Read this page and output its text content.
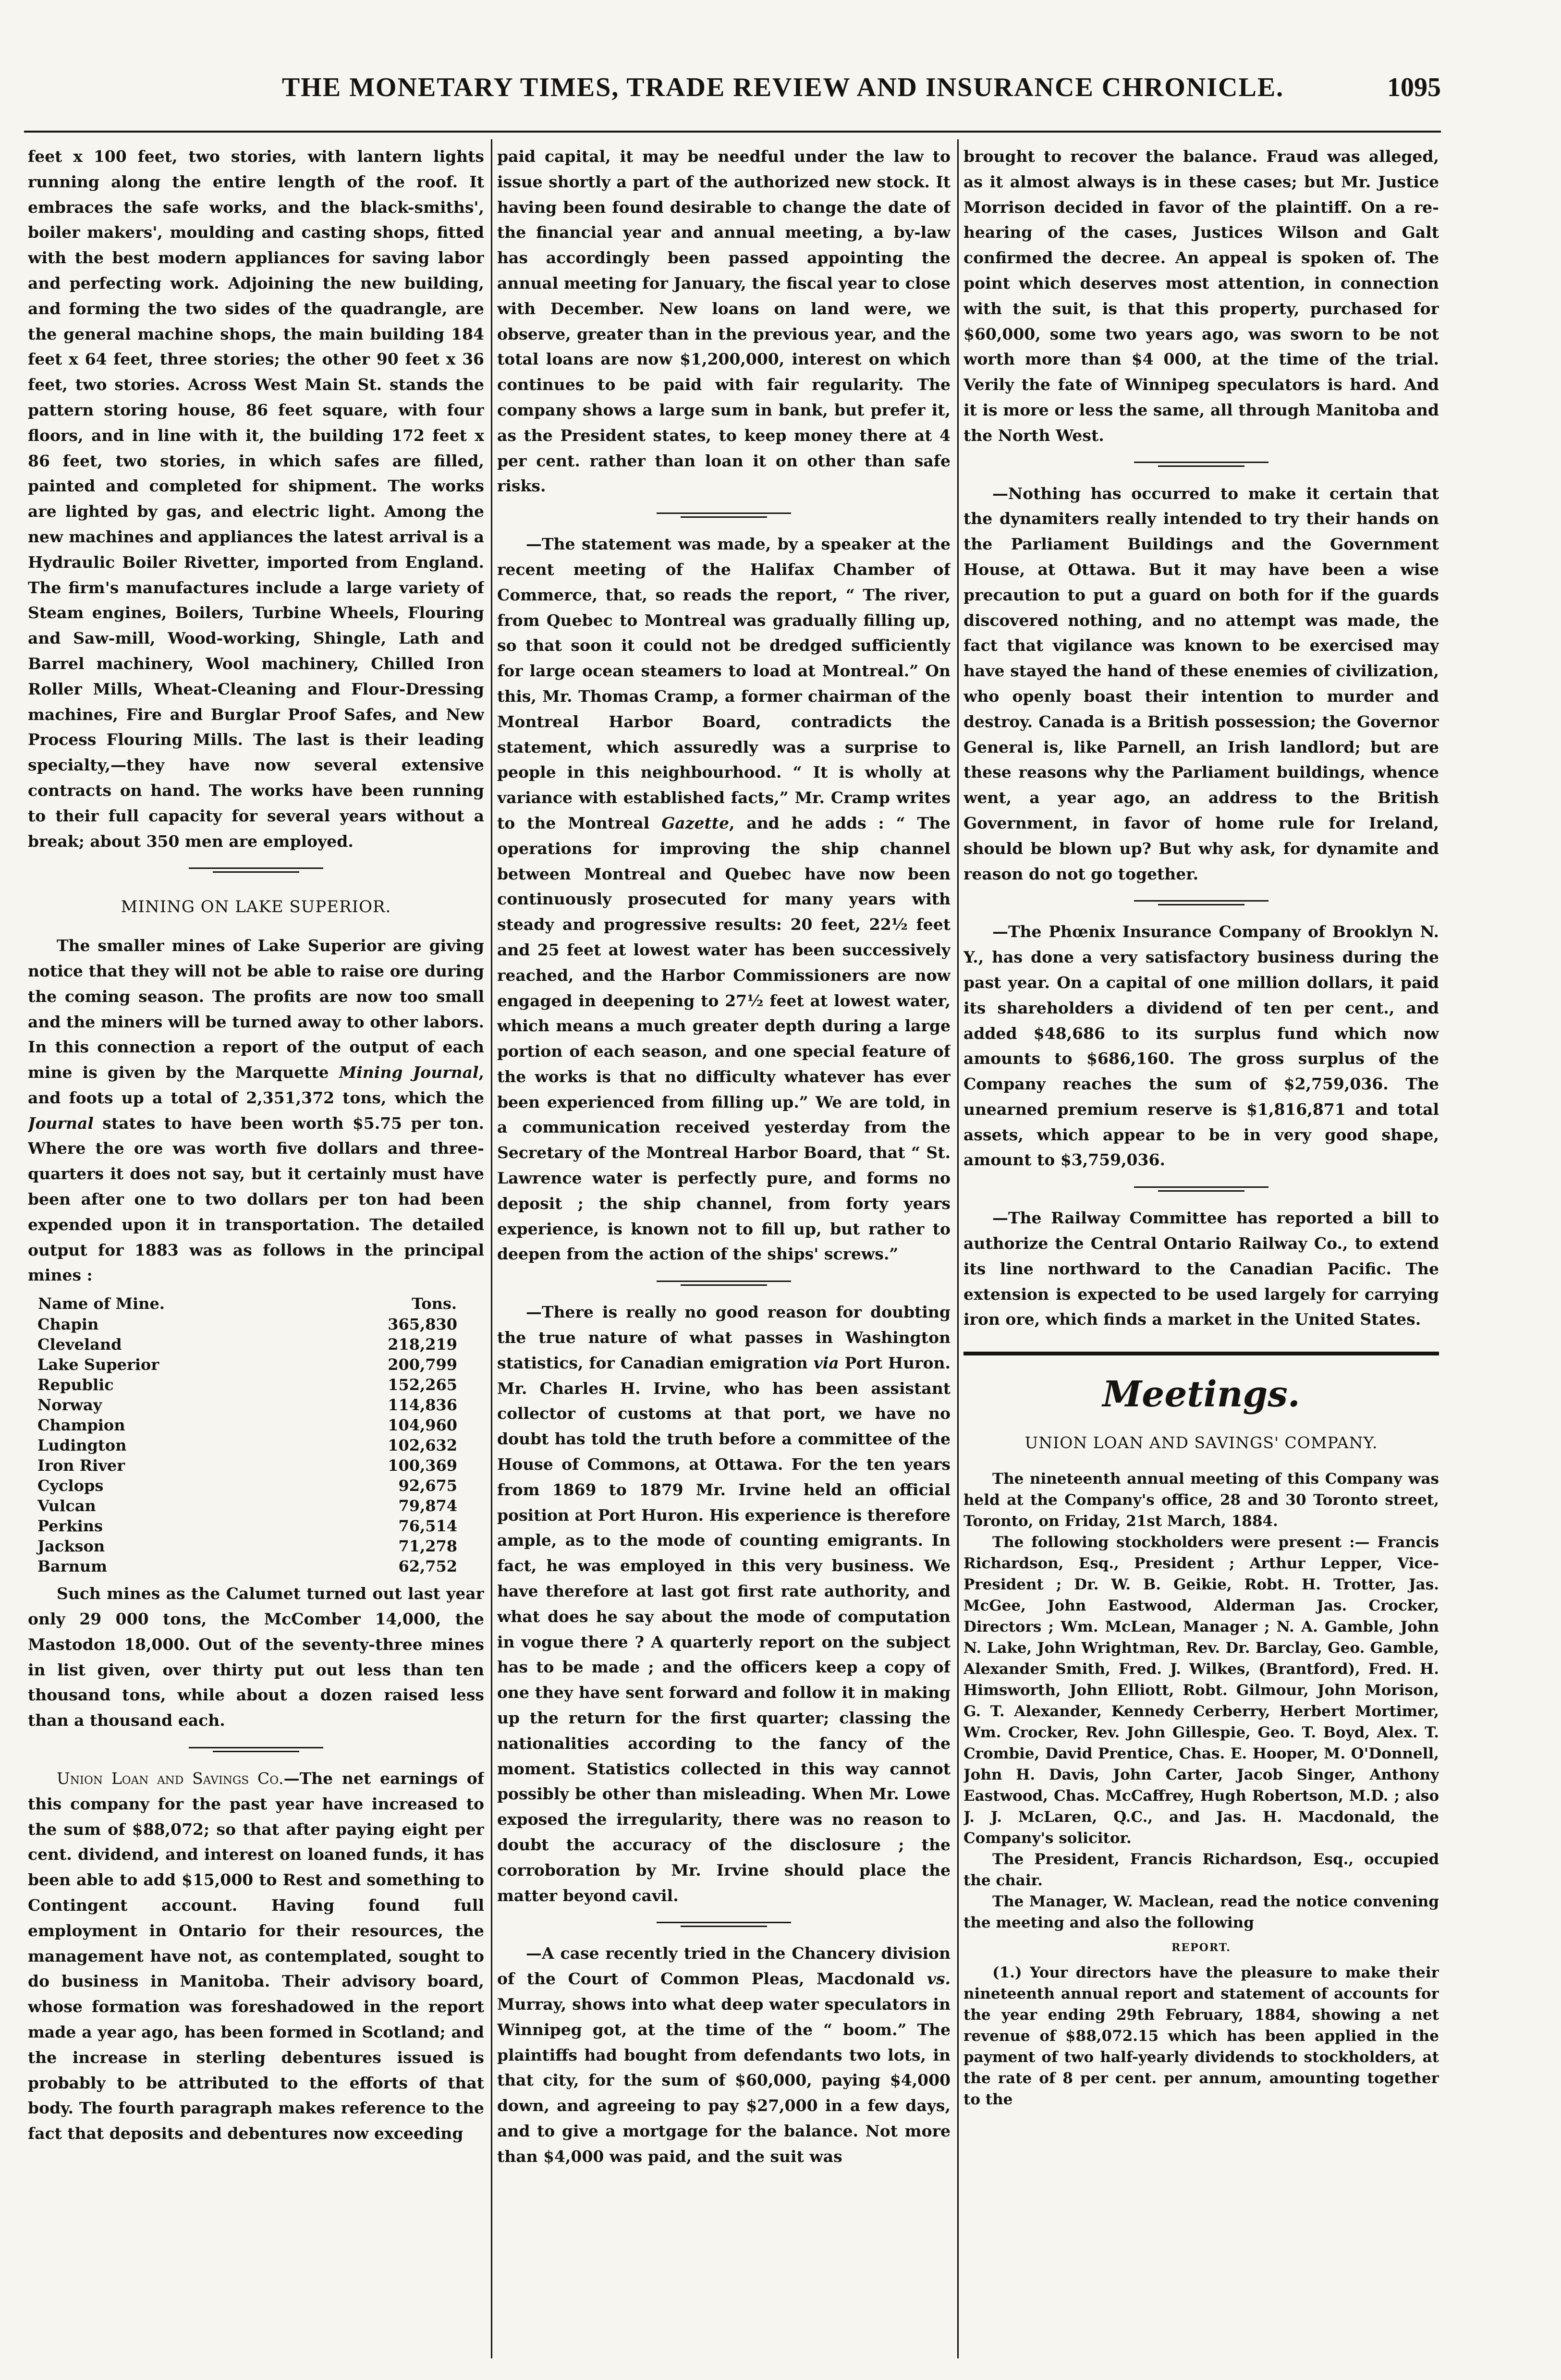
THE MONETARY TIMES, TRADE REVIEW AND INSURANCE CHRONICLE.	1095

feet x 100 feet, two stories, with lantern lights running along the entire length of the roof. It embraces the safe works, and the black-smiths', boiler makers', moulding and casting shops, fitted with the best modern appliances for saving labor and perfecting work. Adjoining the new building, and forming the two sides of the quadrangle, are the general machine shops, the main building 184 feet x 64 feet, three stories; the other 90 feet x 36 feet, two stories. Across West Main St. stands the pattern storing house, 86 feet square, with four floors, and in line with it, the building 172 feet x 86 feet, two stories, in which safes are filled, painted and completed for shipment. The works are lighted by gas, and electric light. Among the new machines and appliances the latest arrival is a Hydraulic Boiler Rivetter, imported from England. The firm's manufactures include a large variety of Steam engines, Boilers, Turbine Wheels, Flouring and Saw-mill, Wood-working, Shingle, Lath and Barrel machinery, Wool machinery, Chilled Iron Roller Mills, Wheat-Cleaning and Flour-Dressing machines, Fire and Burglar Proof Safes, and New Process Flouring Mills. The last is their leading specialty,—they have now several extensive contracts on hand. The works have been running to their full capacity for several years without a break; about 350 men are employed.

MINING ON LAKE SUPERIOR.

The smaller mines of Lake Superior are giving notice that they will not be able to raise ore during the coming season. The profits are now too small and the miners will be turned away to other labors. In this connection a report of the output of each mine is given by the Marquette Mining Journal, and foots up a total of 2,351,372 tons, which the Journal states to have been worth $5.75 per ton. Where the ore was worth five dollars and three-quarters it does not say, but it certainly must have been after one to two dollars per ton had been expended upon it in transportation. The detailed output for 1883 was as follows in the principal mines :

Name of Mine.	Tons.
Chapin	365,830
Cleveland	218,219
Lake Superior	200,799
Republic	152,265
Norway	114,836
Champion	104,960
Ludington	102,632
Iron River	100,369
Cyclops	92,675
Vulcan	79,874
Perkins	76,514
Jackson	71,278
Barnum	62,752

Such mines as the Calumet turned out last year only 29 000 tons, the McComber 14,000, the Mastodon 18,000. Out of the seventy-three mines in list given, over thirty put out less than ten thousand tons, while about a dozen raised less than a thousand each.

Union Loan and Savings Co.—The net earnings of this company for the past year have increased to the sum of $88,072; so that after paying eight per cent. dividend, and interest on loaned funds, it has been able to add $15,000 to Rest and something to Contingent account. Having found full employment in Ontario for their resources, the management have not, as contemplated, sought to do business in Manitoba. Their advisory board, whose formation was foreshadowed in the report made a year ago, has been formed in Scotland; and the increase in sterling debentures issued is probably to be attributed to the efforts of that body. The fourth paragraph makes reference to the fact that deposits and debentures now exceeding

paid capital, it may be needful under the law to issue shortly a part of the authorized new stock. It having been found desirable to change the date of the financial year and annual meeting, a by-law has accordingly been passed appointing the annual meeting for January, the fiscal year to close with December. New loans on land were, we observe, greater than in the previous year, and the total loans are now $1,200,000, interest on which continues to be paid with fair regularity. The company shows a large sum in bank, but prefer it, as the President states, to keep money there at 4 per cent. rather than loan it on other than safe risks.

—The statement was made, by a speaker at the recent meeting of the Halifax Chamber of Commerce, that, so reads the report, “ The river, from Quebec to Montreal was gradually filling up, so that soon it could not be dredged sufficiently for large ocean steamers to load at Montreal.” On this, Mr. Thomas Cramp, a former chairman of the Montreal Harbor Board, contradicts the statement, which assuredly was a surprise to people in this neighbourhood. “ It is wholly at variance with established facts,” Mr. Cramp writes to the Montreal Gazette, and he adds : “ The operations for improving the ship channel between Montreal and Quebec have now been continuously prosecuted for many years with steady and progressive results: 20 feet, 22½ feet and 25 feet at lowest water has been successively reached, and the Harbor Commissioners are now engaged in deepening to 27½ feet at lowest water, which means a much greater depth during a large portion of each season, and one special feature of the works is that no difficulty whatever has ever been experienced from filling up.” We are told, in a communication received yesterday from the Secretary of the Montreal Harbor Board, that “ St. Lawrence water is perfectly pure, and forms no deposit ; the ship channel, from forty years experience, is known not to fill up, but rather to deepen from the action of the ships' screws.”

—There is really no good reason for doubting the true nature of what passes in Washington statistics, for Canadian emigration via Port Huron. Mr. Charles H. Irvine, who has been assistant collector of customs at that port, we have no doubt has told the truth before a committee of the House of Commons, at Ottawa. For the ten years from 1869 to 1879 Mr. Irvine held an official position at Port Huron. His experience is therefore ample, as to the mode of counting emigrants. In fact, he was employed in this very business. We have therefore at last got first rate authority, and what does he say about the mode of computation in vogue there ? A quarterly report on the subject has to be made ; and the officers keep a copy of one they have sent forward and follow it in making up the return for the first quarter; classing the nationalities according to the fancy of the moment. Statistics collected in this way cannot possibly be other than misleading. When Mr. Lowe exposed the irregularity, there was no reason to doubt the accuracy of the disclosure ; the corroboration by Mr. Irvine should place the matter beyond cavil.

—A case recently tried in the Chancery division of the Court of Common Pleas, Macdonald vs. Murray, shows into what deep water speculators in Winnipeg got, at the time of the “ boom.” The plaintiffs had bought from defendants two lots, in that city, for the sum of $60,000, paying $4,000 down, and agreeing to pay $27,000 in a few days, and to give a mortgage for the balance. Not more than $4,000 was paid, and the suit was

brought to recover the balance. Fraud was alleged, as it almost always is in these cases; but Mr. Justice Morrison decided in favor of the plaintiff. On a re-hearing of the cases, Justices Wilson and Galt confirmed the decree. An appeal is spoken of. The point which deserves most attention, in connection with the suit, is that this property, purchased for $60,000, some two years ago, was sworn to be not worth more than $4 000, at the time of the trial. Verily the fate of Winnipeg speculators is hard. And it is more or less the same, all through Manitoba and the North West.

—Nothing has occurred to make it certain that the dynamiters really intended to try their hands on the Parliament Buildings and the Government House, at Ottawa. But it may have been a wise precaution to put a guard on both for if the guards discovered nothing, and no attempt was made, the fact that vigilance was known to be exercised may have stayed the hand of these enemies of civilization, who openly boast their intention to murder and destroy. Canada is a British possession; the Governor General is, like Parnell, an Irish landlord; but are these reasons why the Parliament buildings, whence went, a year ago, an address to the British Government, in favor of home rule for Ireland, should be blown up? But why ask, for dynamite and reason do not go together.

—The Phœnix Insurance Company of Brooklyn N. Y., has done a very satisfactory business during the past year. On a capital of one million dollars, it paid its shareholders a dividend of ten per cent., and added $48,686 to its surplus fund which now amounts to $686,160. The gross surplus of the Company reaches the sum of $2,759,036. The unearned premium reserve is $1,816,871 and total assets, which appear to be in very good shape, amount to $3,759,036.

—The Railway Committee has reported a bill to authorize the Central Ontario Railway Co., to extend its line northward to the Canadian Pacific. The extension is expected to be used largely for carrying iron ore, which finds a market in the United States.

Meetings.
UNION LOAN AND SAVINGS' COMPANY.

The nineteenth annual meeting of this Company was held at the Company's office, 28 and 30 Toronto street, Toronto, on Friday, 21st March, 1884.

The following stockholders were present :— Francis Richardson, Esq., President ; Arthur Lepper, Vice-President ; Dr. W. B. Geikie, Robt. H. Trotter, Jas. McGee, John Eastwood, Alderman Jas. Crocker, Directors ; Wm. McLean, Manager ; N. A. Gamble, John N. Lake, John Wrightman, Rev. Dr. Barclay, Geo. Gamble, Alexander Smith, Fred. J. Wilkes, (Brantford), Fred. H. Himsworth, John Elliott, Robt. Gilmour, John Morison, G. T. Alexander, Kennedy Cerberry, Herbert Mortimer, Wm. Crocker, Rev. John Gillespie, Geo. T. Boyd, Alex. T. Crombie, David Prentice, Chas. E. Hooper, M. O'Donnell, John H. Davis, John Carter, Jacob Singer, Anthony Eastwood, Chas. McCaffrey, Hugh Robertson, M.D. ; also J. J. McLaren, Q.C., and Jas. H. Macdonald, the Company's solicitor.

The President, Francis Richardson, Esq., occupied the chair.

The Manager, W. Maclean, read the notice convening the meeting and also the following

REPORT.

(1.) Your directors have the pleasure to make their nineteenth annual report and statement of accounts for the year ending 29th February, 1884, showing a net revenue of $88,072.15 which has been applied in the payment of two half-yearly dividends to stockholders, at the rate of 8 per cent. per annum, amounting together to the
